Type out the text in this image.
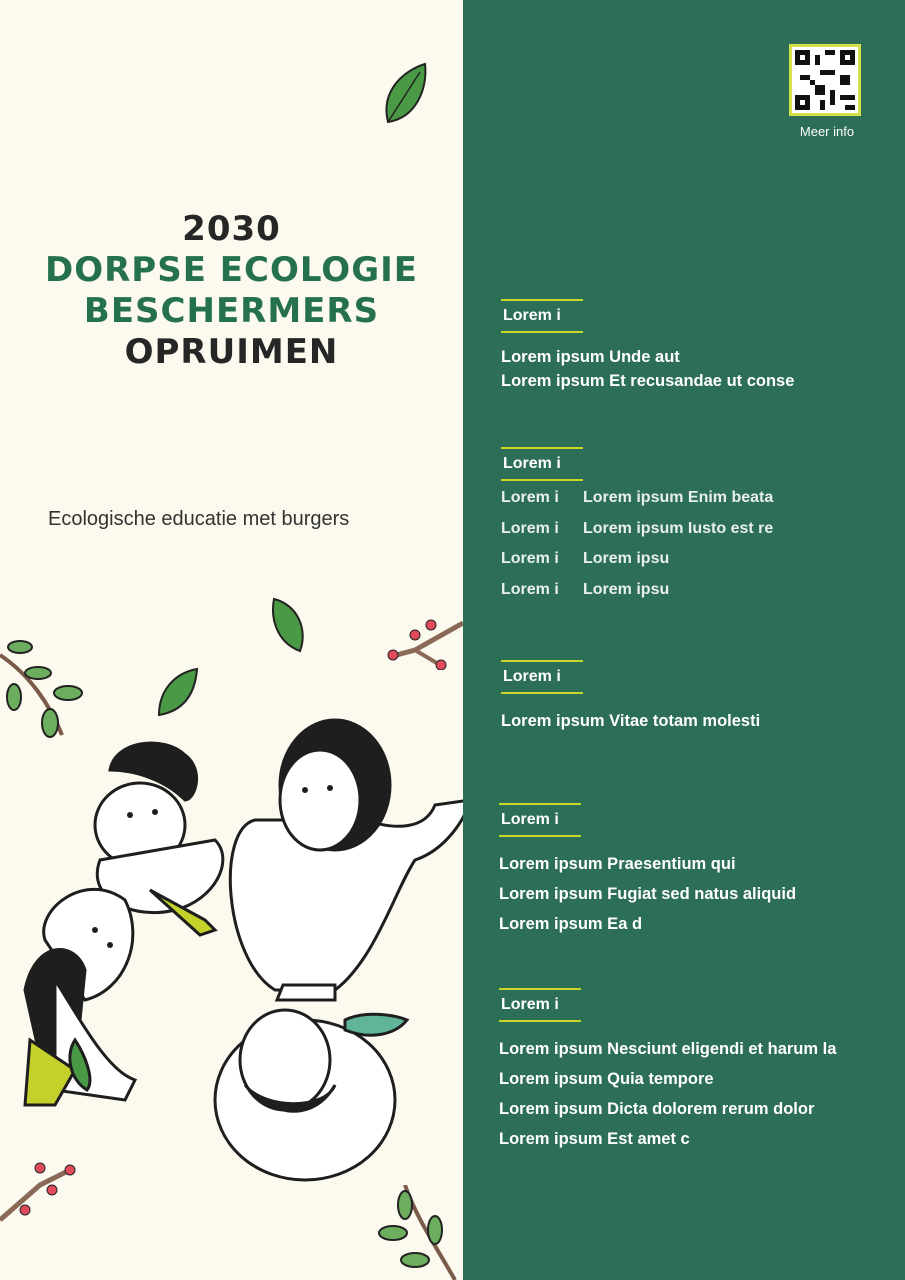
2030
DORPSE ECOLOGIE
BESCHERMERS
OPRUIMEN
Ecologische educatie met burgers
Meer info
Lorem i
Lorem ipsum Unde aut
Lorem ipsum Et recusandae ut conse
Lorem i
Lorem i	Lorem ipsum Enim beata
Lorem i	Lorem ipsum Iusto est re
Lorem i	Lorem ipsu
Lorem i	Lorem ipsu
Lorem i
Lorem ipsum Vitae totam molesti
Lorem i
Lorem ipsum Praesentium qui
Lorem ipsum Fugiat sed natus aliquid
Lorem ipsum Ea d
Lorem i
Lorem ipsum Nesciunt eligendi et harum la
Lorem ipsum Quia tempore
Lorem ipsum Dicta dolorem rerum dolor
Lorem ipsum Est amet c
